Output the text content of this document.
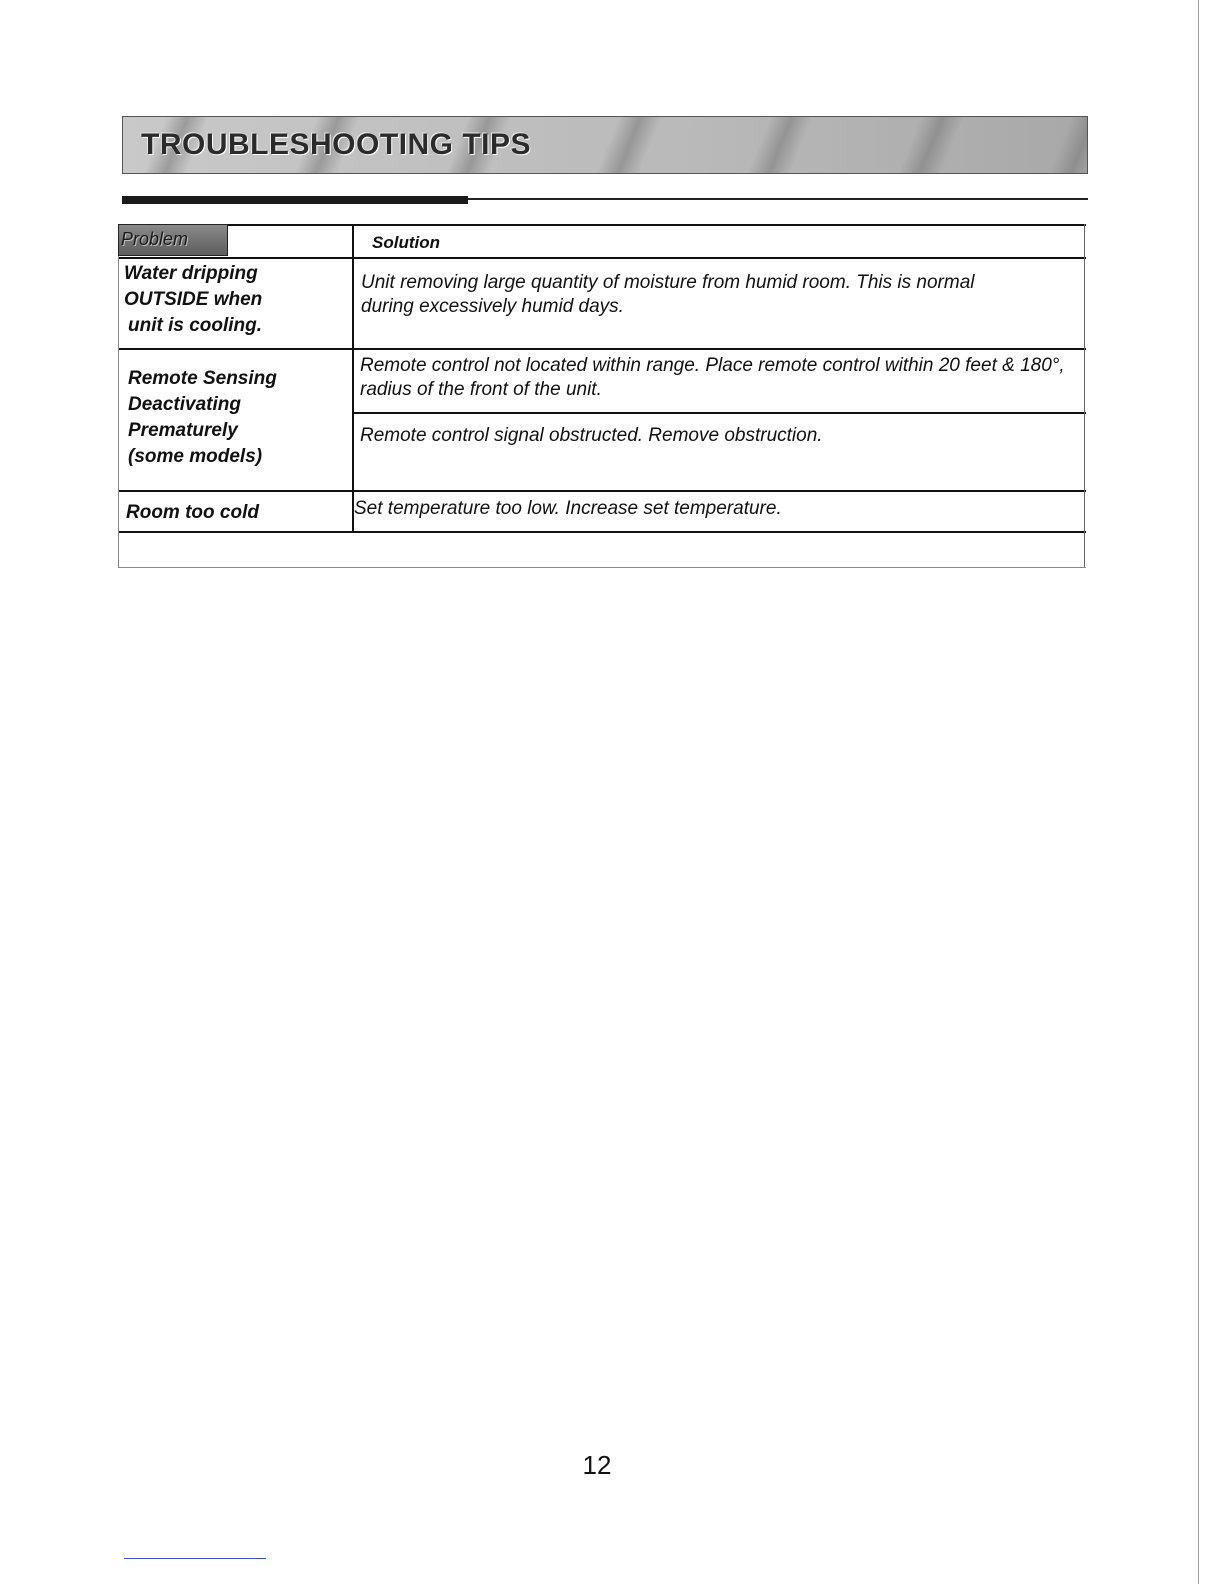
TROUBLESHOOTING TIPS
Problem	Solution
Water dripping
OUTSIDE when
unit is cooling.
Unit removing large quantity of moisture from humid room. This is normal during excessively humid days.
Remote Sensing
Deactivating
Prematurely
(some models)
Remote control not located within range. Place remote control within 20 feet & 180°, radius of the front of the unit.
Remote control signal obstructed. Remove obstruction.
Room too cold	Set temperature too low. Increase set temperature.
12
